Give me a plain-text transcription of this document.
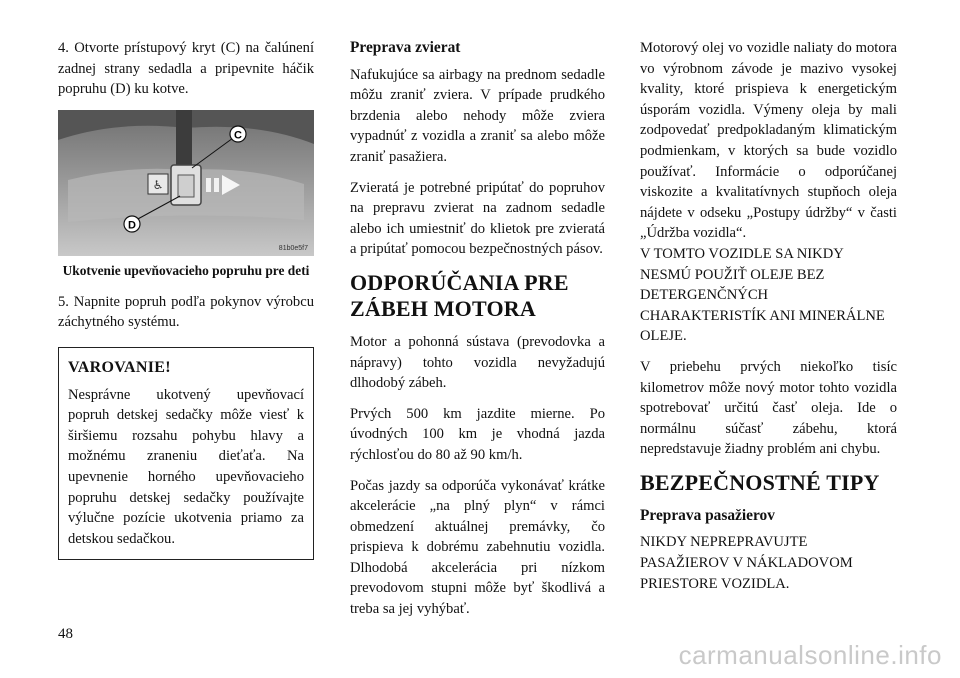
4. Otvorte prístupový kryt (C) na čalúnení zadnej strany sedadla a pripevnite háčik popruhu (D) ku kotve.

♿
C
D
81b0e5f7
Ukotvenie upevňovacieho popruhu pre deti

5. Napnite popruh podľa pokynov výrobcu záchytného systému.

VAROVANIE!

Nesprávne ukotvený upevňovací popruh detskej sedačky môže viesť k širšiemu rozsahu pohybu hlavy a možnému zraneniu dieťaťa. Na upevnenie horného upevňovacieho popruhu detskej sedačky používajte výlučne pozície ukotvenia priamo za detskou sedačkou.

Preprava zvierat

Nafukujúce sa airbagy na prednom sedadle môžu zraniť zviera. V prípade prudkého brzdenia alebo nehody môže zviera vypadnúť z vozidla a zraniť sa alebo môže zraniť pasažiera.

Zvieratá je potrebné pripútať do popruhov na prepravu zvierat na zadnom sedadle alebo ich umiestniť do klietok pre zvieratá a pripútať pomocou bezpečnostných pásov.

ODPORÚČANIA PRE ZÁBEH MOTORA

Motor a pohonná sústava (prevodovka a nápravy) tohto vozidla nevyžadujú dlhodobý zábeh.

Prvých 500 km jazdite mierne. Po úvodných 100 km je vhodná jazda rýchlosťou do 80 až 90 km/h.

Počas jazdy sa odporúča vykonávať krátke akcelerácie „na plný plyn“ v rámci obmedzení aktuálnej premávky, čo prispieva k dobrému zabehnutiu vozidla. Dlhodobá akcelerácia pri nízkom prevodovom stupni môže byť škodlivá a treba sa jej vyhýbať.

Motorový olej vo vozidle naliaty do motora vo výrobnom závode je mazivo vysokej kvality, ktoré prispieva k energetickým úsporám vozidla. Výmeny oleja by mali zodpovedať predpokladaným klimatickým podmienkam, v ktorých sa bude vozidlo používať. Informácie o odporúčanej viskozite a kvalitatívnych stupňoch oleja nájdete v odseku „Postupy údržby“ v časti „Údržba vozidla“.

V TOMTO VOZIDLE SA NIKDY NESMÚ POUŽIŤ OLEJE BEZ DETERGENČNÝCH CHARAKTERISTÍK ANI MINERÁLNE OLEJE.

V priebehu prvých niekoľko tisíc kilometrov môže nový motor tohto vozidla spotrebovať určitú časť oleja. Ide o normálnu súčasť zábehu, ktorá nepredstavuje žiadny problém ani chybu.

BEZPEČNOSTNÉ TIPY
Preprava pasažierov

NIKDY NEPREPRAVUJTE PASAŽIEROV V NÁKLADOVOM PRIESTORE VOZIDLA.

48
carmanualsonline.info
